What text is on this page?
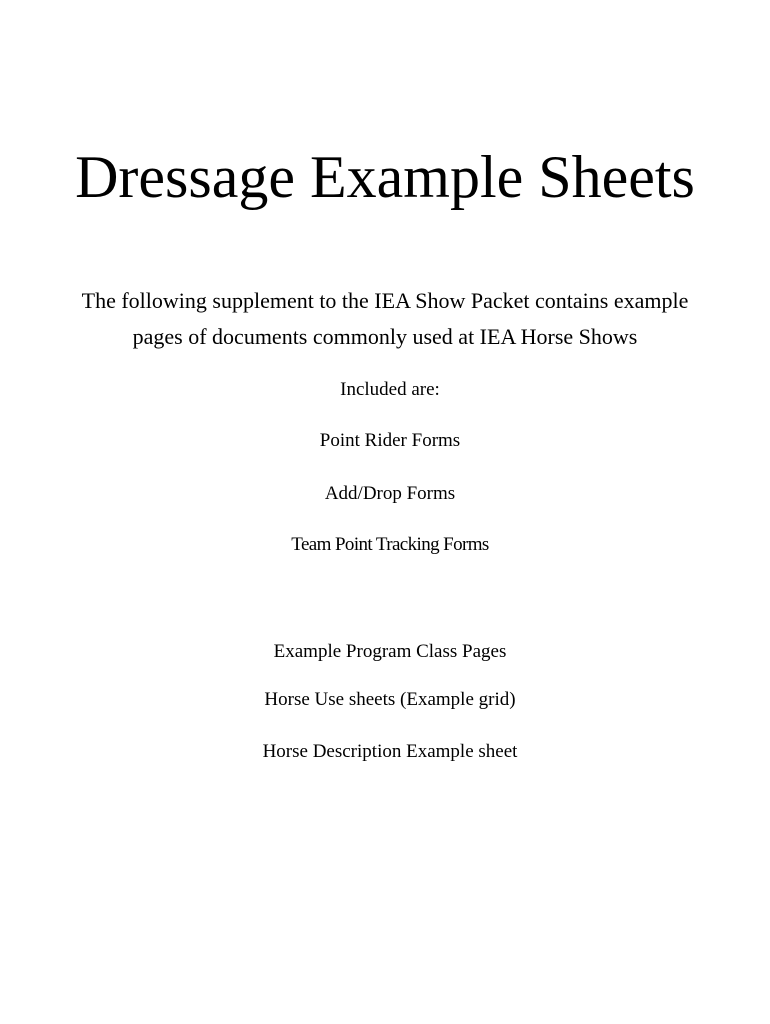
Dressage Example Sheets

The following supplement to the IEA Show Packet contains example

pages of documents commonly used at IEA Horse Shows

Included are:

Point Rider Forms

Add/Drop Forms

Team Point Tracking Forms

Example Program Class Pages

Horse Use sheets (Example grid)

Horse Description Example sheet
